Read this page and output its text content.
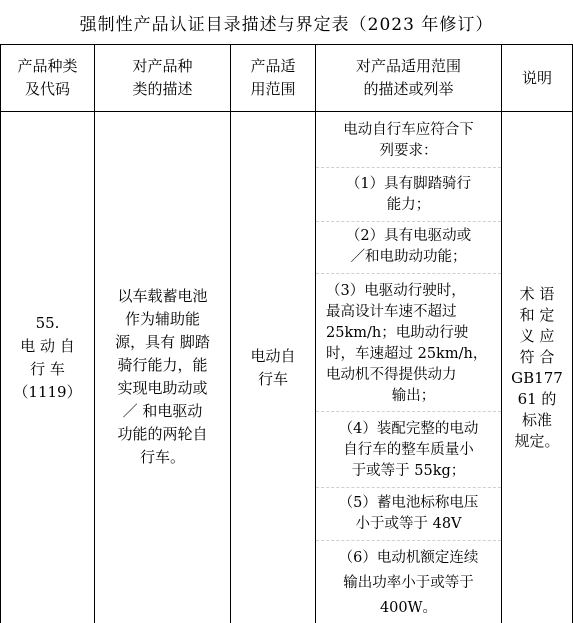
强制性产品认证目录描述与界定表（2023 年修订）
产品种类
及代码
对产品种
类的描述
产品适
用范围
对产品适用范围
的描述或列举
说明
55.
电 动 自
行 车
（1119）
以车载蓄电池
作为辅助能
源，具有 脚踏
骑行能力，能
实现电助动或
／ 和电驱动
功能的两轮自
行车。
电动自
行车
电动自行车应符合下
列要求：
（1）具有脚踏骑行
能力；
（2）具有电驱动或
／和电助动功能；
（3）电驱动行驶时，
最高设计车速不超过
25km/h；电助动行驶
时，车速超过 25km/h，
电动机不得提供动力
输出；
（4）装配完整的电动
自行车的整车质量小
于或等于 55kg；
（5）蓄电池标称电压
小于或等于 48V
（6）电动机额定连续
输出功率小于或等于
400W。
术 语
和 定
义 应
符 合
GB177
61 的
标准
规定。
